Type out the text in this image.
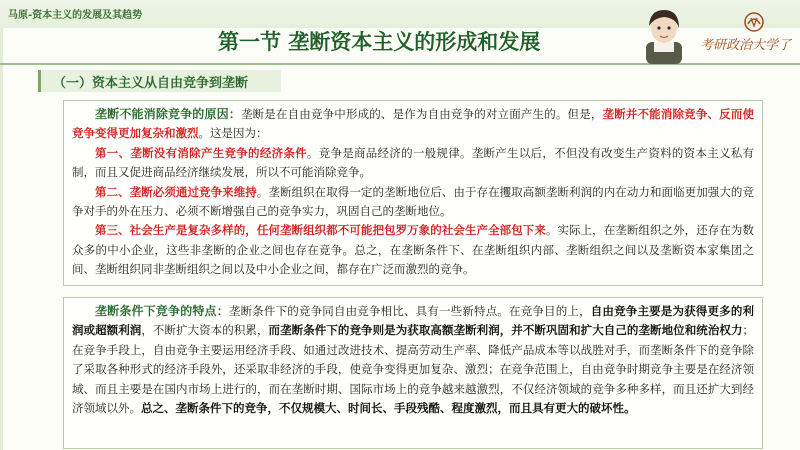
马原-资本主义的发展及其趋势
第一节 垄断资本主义的形成和发展	考研政治大学了
（一）资本主义从自由竞争到垄断

垄断不能消除竞争的原因：垄断是在自由竞争中形成的、是作为自由竞争的对立面产生的。但是，垄断并不能消除竞争、反而使竞争变得更加复杂和激烈。这是因为：

第一、垄断没有消除产生竞争的经济条件。竞争是商品经济的一般规律。垄断产生以后，不但没有改变生产资料的资本主义私有制，而且又促进商品经济继续发展，所以不可能消除竞争。

第二、垄断必须通过竞争来维持。垄断组织在取得一定的垄断地位后、由于存在攫取高额垄断利润的内在动力和面临更加强大的竞争对手的外在压力、必须不断增强自己的竞争实力，巩固自己的垄断地位。

第三、社会生产是复杂多样的，任何垄断组织都不可能把包罗万象的社会生产全部包下来。实际上，在垄断组织之外，还存在为数众多的中小企业，这些非垄断的企业之间也存在竞争。总之，在垄断条件下、在垄断组织内部、垄断组织之间以及垄断资本家集团之间、垄断组织同非垄断组织之间以及中小企业之间，都存在广泛而激烈的竞争。

垄断条件下竞争的特点：垄断条件下的竞争同自由竞争相比、具有一些新特点。在竞争目的上，自由竞争主要是为获得更多的利润或超额利润，不断扩大资本的积累，而垄断条件下的竞争则是为获取高额垄断利润，并不断巩固和扩大自己的垄断地位和统治权力；在竞争手段上，自由竞争主要运用经济手段、如通过改进技术、提高劳动生产率、降低产品成本等以战胜对手，而垄断条件下的竞争除了采取各种形式的经济手段外，还采取非经济的手段，使竞争变得更加复杂、激烈；在竞争范围上，自由竞争时期竞争主要是在经济领域、而且主要是在国内市场上进行的，而在垄断时期、国际市场上的竞争越来越激烈，不仅经济领域的竞争多种多样，而且还扩大到经济领域以外。总之、垄断条件下的竞争，不仅规模大、时间长、手段残酷、程度激烈，而且具有更大的破坏性。
